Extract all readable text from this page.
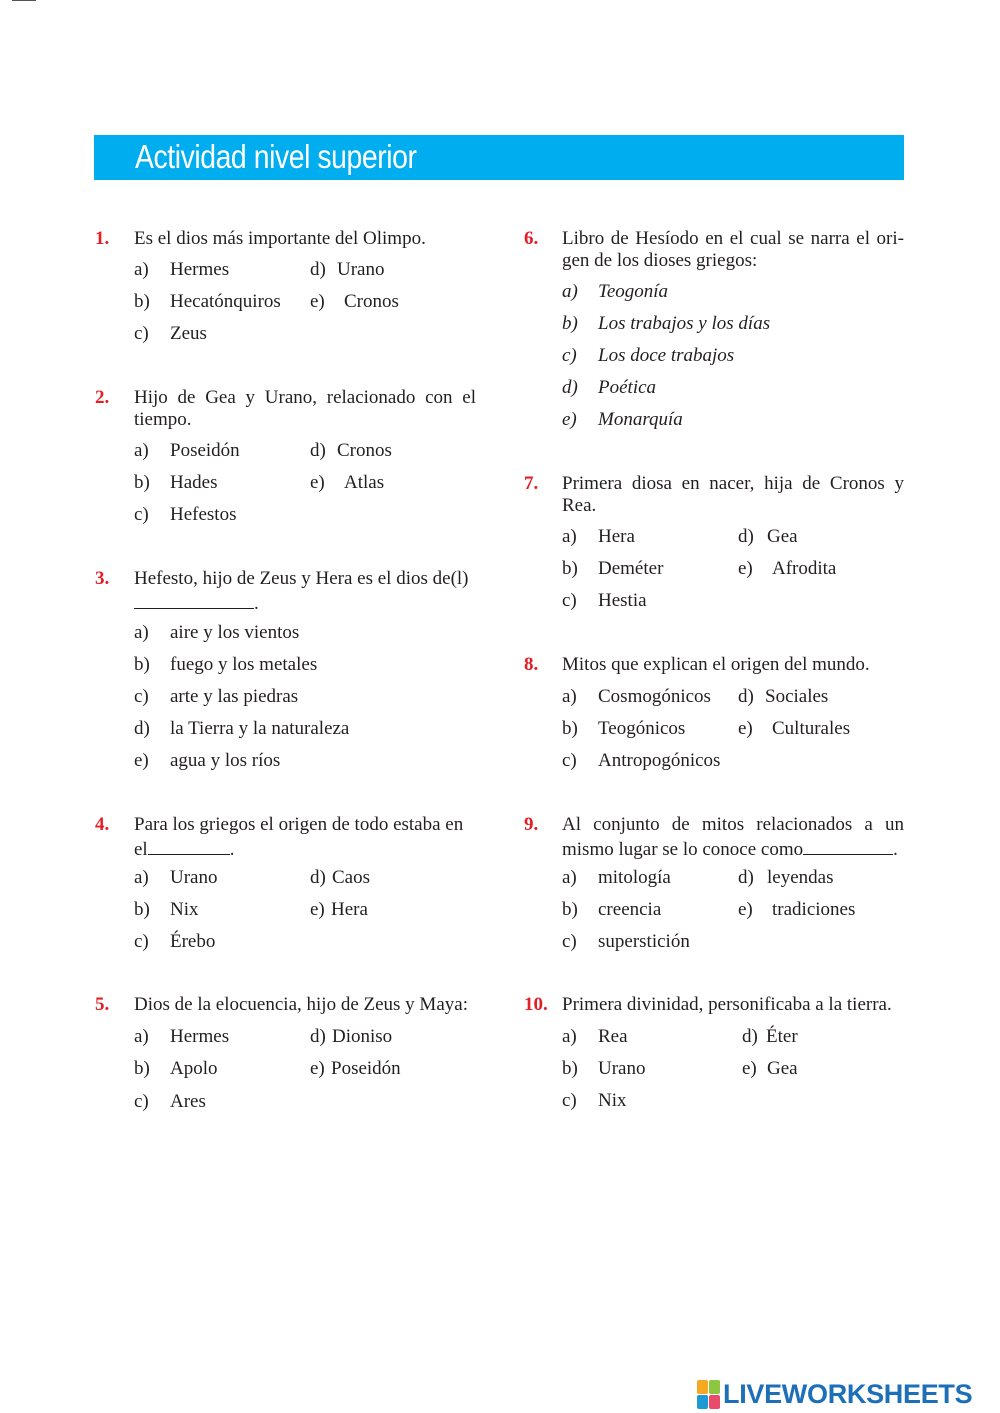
Actividad nivel superior
1. Es el dios más importante del Olimpo.
a) Hermes	d) Urano
b) Hecatónquiros e) Cronos
c) Zeus
2. Hijo de Gea y Urano, relacionado con el
tiempo.
a) Poseidón	d) Cronos
b) Hades	e) Atlas
c) Hefestos
3. Hefesto, hijo de Zeus y Hera es el dios de(l)
.
a) aire y los vientos
b) fuego y los metales
c) arte y las piedras
d) la Tierra y la naturaleza
e) agua y los ríos
4. Para los griegos el origen de todo estaba en
el	.
a) Urano	d) Caos
b) Nix	e) Hera
c) Érebo
5. Dios de la elocuencia, hijo de Zeus y Maya:
a) Hermes	d) Dioniso
b) Apolo	e) Poseidón
c) Ares
6. Libro de Hesíodo en el cual se narra el ori-
gen de los dioses griegos:
a) Teogonía
b) Los trabajos y los días
c) Los doce trabajos
d) Poética
e) Monarquía
7. Primera diosa en nacer, hija de Cronos y
Rea.
a) Hera	d) Gea
b) Deméter	e) Afrodita
c) Hestia
8. Mitos que explican el origen del mundo.
a) Cosmogónicos d) Sociales
b) Teogónicos	e) Culturales
c) Antropogónicos
9. Al conjunto de mitos relacionados a un
mismo lugar se lo conoce como	.
a) mitología	d) leyendas
b) creencia	e) tradiciones
c) superstición
10. Primera divinidad, personificaba a la tierra.
a) Rea	d) Éter
b) Urano	e) Gea
c) Nix
LIVEWORKSHEETS
